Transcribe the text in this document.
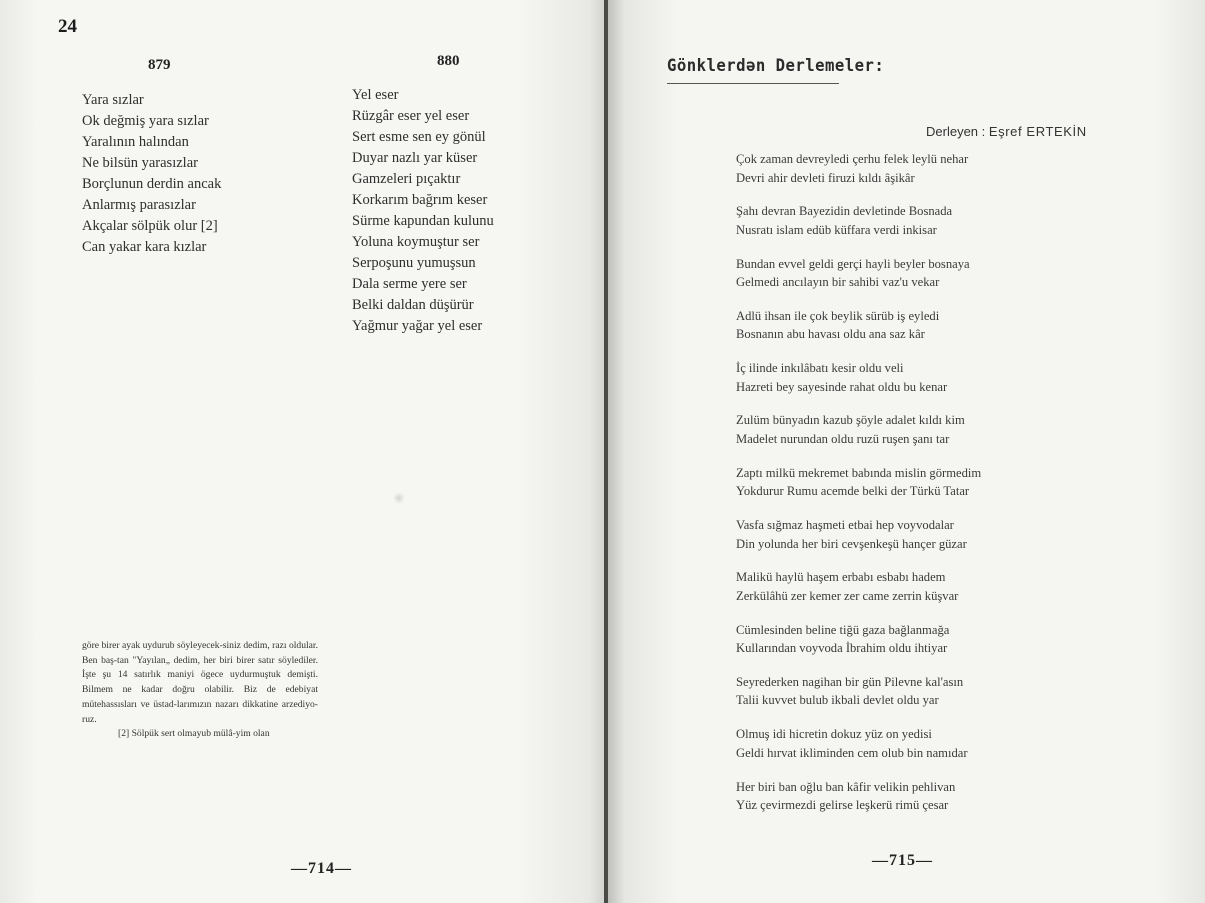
24
879
Yara sızlar
Ok değmiş yara sızlar
Yaralının halından
Ne bilsün yarasızlar
Borçlunun derdin ancak
Anlarmış parasızlar
Akçalar sölpük olur [2]
Can yakar kara kızlar
880
Yel eser
Rüzgâr eser yel eser
Sert esme sen ey gönül
Duyar nazlı yar küser
Gamzeleri pıçaktır
Korkarım bağrım keser
Sürme kapundan kulunu
Yoluna koymuştur ser
Serpoşunu yumuşsun
Dala serme yere ser
Belki daldan düşürür
Yağmur yağar yel eser

göre birer ayak uydurub söyleyecek-siniz dedim, razı oldular. Ben baş-tan "Yayılan„ dedim, her biri birer satır söylediler. İşte şu 14 satırlık maniyi ögece uydurmuştuk demişti. Bilmem ne kadar doğru olabilir. Biz de edebiyat mütehassısları ve üstad-larımızın nazarı dikkatine arzediyo-ruz.

[2] Sölpük sert olmayub mülâ-yim olan

—714—
Gönklerdən Derlemeler:
Derleyen : Eşref ERTEKİN
Çok zaman devreyledi çerhu felek leylü nehar
Devri ahir devleti firuzi kıldı âşikâr
Şahı devran Bayezidin devletinde Bosnada
Nusratı islam edüb küffara verdi inkisar
Bundan evvel geldi gerçi hayli beyler bosnaya
Gelmedi ancılayın bir sahibi vaz'u vekar
Adlü ihsan ile çok beylik sürüb iş eyledi
Bosnanın abu havası oldu ana saz kâr
İç ilinde inkılâbatı kesir oldu veli
Hazreti bey sayesinde rahat oldu bu kenar
Zulüm bünyadın kazub şöyle adalet kıldı kim
Madelet nurundan oldu ruzü ruşen şanı tar
Zaptı milkü mekremet babında mislin görmedim
Yokdurur Rumu acemde belki der Türkü Tatar
Vasfa sığmaz haşmeti etbai hep voyvodalar
Din yolunda her biri cevşenkeşü hançer güzar
Malikü haylü haşem erbabı esbabı hadem
Zerkülâhü zer kemer zer came zerrin küşvar
Cümlesinden beline tiğü gaza bağlanmağa
Kullarından voyvoda İbrahim oldu ihtiyar
Seyrederken nagihan bir gün Pilevne kal'asın
Talii kuvvet bulub ikbali devlet oldu yar
Olmuş idi hicretin dokuz yüz on yedisi
Geldi hırvat ikliminden cem olub bin namıdar
Her biri ban oğlu ban kâfir velikin pehlivan
Yüz çevirmezdi gelirse leşkerü rimü çesar
—715—
